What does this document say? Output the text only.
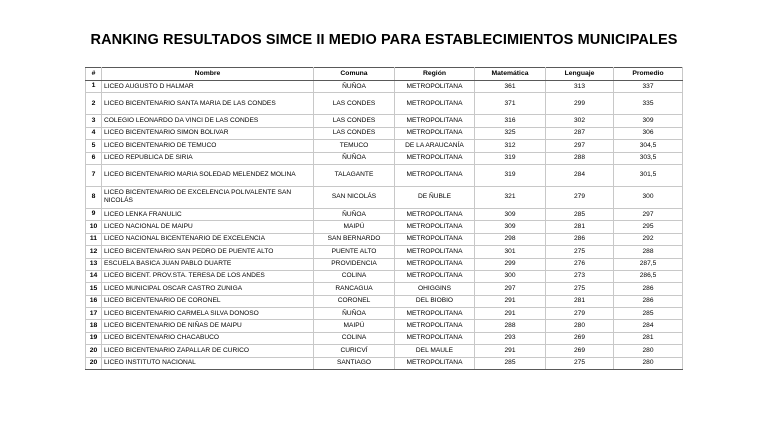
RANKING RESULTADOS SIMCE II MEDIO PARA ESTABLECIMIENTOS MUNICIPALES
#	Nombre	Comuna	Región	Matemática	Lenguaje	Promedio
1	LICEO AUGUSTO D HALMAR	ÑUÑOA	METROPOLITANA	361	313	337
2	LICEO BICENTENARIO SANTA MARIA DE LAS CONDES	LAS CONDES	METROPOLITANA	371	299	335
3	COLEGIO LEONARDO DA VINCI DE LAS CONDES	LAS CONDES	METROPOLITANA	316	302	309
4	LICEO BICENTENARIO SIMON BOLIVAR	LAS CONDES	METROPOLITANA	325	287	306
5	LICEO BICENTENARIO DE TEMUCO	TEMUCO	DE LA ARAUCANÍA	312	297	304,5
6	LICEO REPUBLICA DE SIRIA	ÑUÑOA	METROPOLITANA	319	288	303,5
7	LICEO BICENTENARIO MARIA SOLEDAD MELENDEZ MOLINA	TALAGANTE	METROPOLITANA	319	284	301,5
8	LICEO BICENTENARIO DE EXCELENCIA POLIVALENTE SAN NICOLÁS	SAN NICOLÁS	DE ÑUBLE	321	279	300
9	LICEO LENKA FRANULIC	ÑUÑOA	METROPOLITANA	309	285	297
10	LICEO NACIONAL DE MAIPU	MAIPÚ	METROPOLITANA	309	281	295
11	LICEO NACIONAL BICENTENARIO DE EXCELENCIA	SAN BERNARDO	METROPOLITANA	298	286	292
12	LICEO BICENTENARIO SAN PEDRO DE PUENTE ALTO	PUENTE ALTO	METROPOLITANA	301	275	288
13	ESCUELA BASICA JUAN PABLO DUARTE	PROVIDENCIA	METROPOLITANA	299	276	287,5
14	LICEO BICENT. PROV.STA. TERESA DE LOS ANDES	COLINA	METROPOLITANA	300	273	286,5
15	LICEO MUNICIPAL OSCAR CASTRO ZUNIGA	RANCAGUA	OHIGGINS	297	275	286
16	LICEO BICENTENARIO DE CORONEL	CORONEL	DEL BIOBIO	291	281	286
17	LICEO BICENTENARIO CARMELA SILVA DONOSO	ÑUÑOA	METROPOLITANA	291	279	285
18	LICEO BICENTENARIO DE NIÑAS DE MAIPU	MAIPÚ	METROPOLITANA	288	280	284
19	LICEO BICENTENARIO CHACABUCO	COLINA	METROPOLITANA	293	269	281
20	LICEO BICENTENARIO ZAPALLAR DE CURICO	CURICVÍ	DEL MAULE	291	269	280
20	LICEO INSTITUTO NACIONAL	SANTIAGO	METROPOLITANA	285	275	280
